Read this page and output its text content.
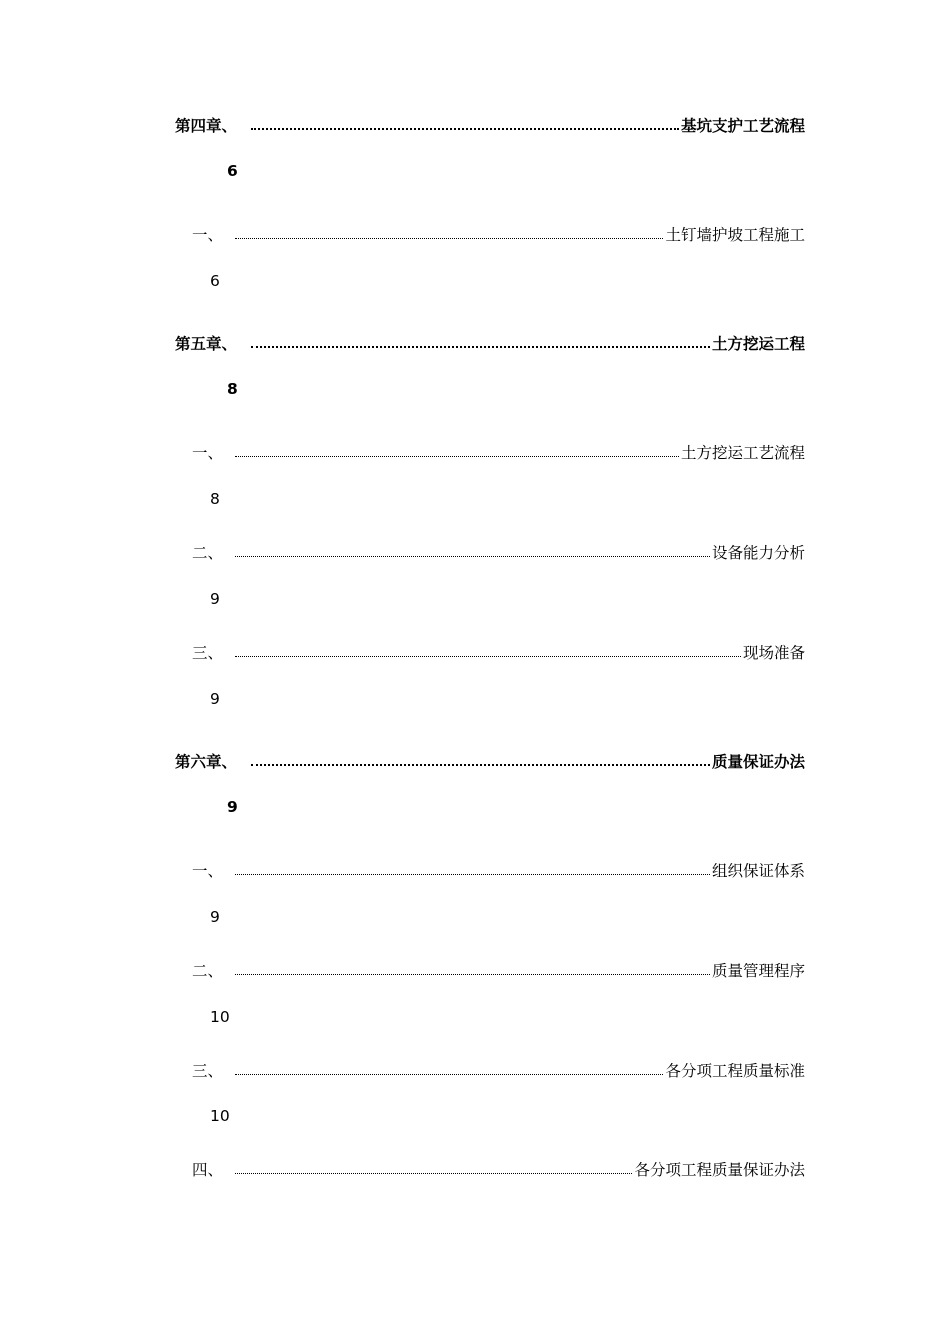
第四章、	基坑支护工艺流程
6
一、	土钉墙护坡工程施工
6
第五章、	土方挖运工程
8
一、	土方挖运工艺流程
8
二、	设备能力分析
9
三、	现场准备
9
第六章、	质量保证办法
9
一、	组织保证体系
9
二、	质量管理程序
10
三、	各分项工程质量标准
10
四、	各分项工程质量保证办法
